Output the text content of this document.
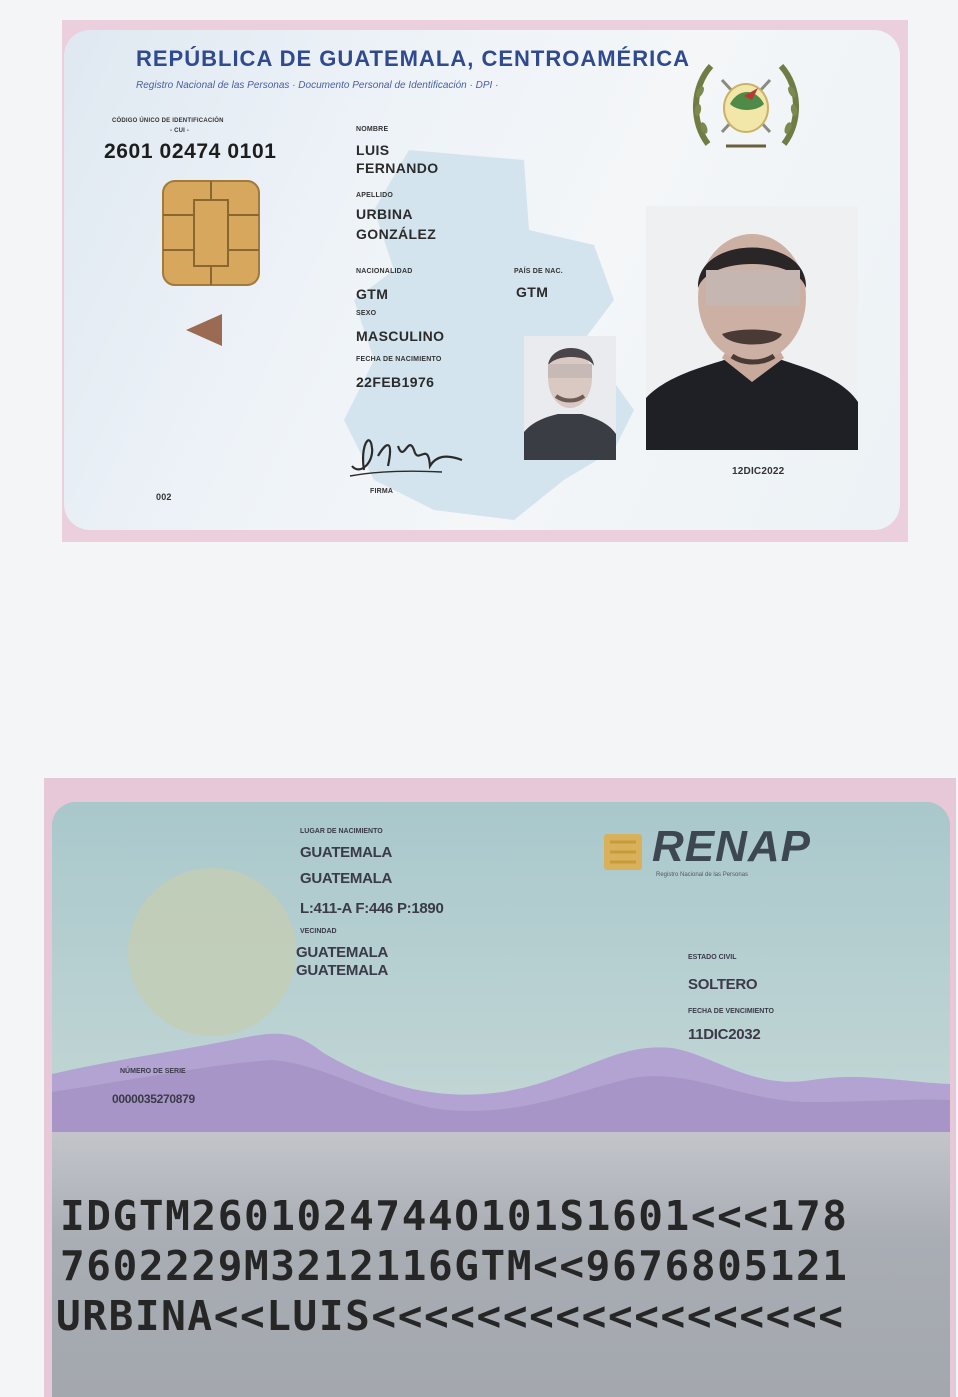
REPÚBLICA DE GUATEMALA, CENTROAMÉRICA
Registro Nacional de las Personas · Documento Personal de Identificación · DPI ·
CÓDIGO ÚNICO DE IDENTIFICACIÓN
- CUI -
2601 02474 0101
NOMBRE
LUIS
FERNANDO
APELLIDO
URBINA
GONZÁLEZ
NACIONALIDAD
GTM
PAÍS DE NAC.
GTM
SEXO
MASCULINO
FECHA DE NACIMIENTO
22FEB1976
FIRMA
002
12DIC2022
LUGAR DE NACIMIENTO
GUATEMALA
GUATEMALA
L:411-A F:446 P:1890
VECINDAD
GUATEMALA
GUATEMALA
RENAP
Registro Nacional de las Personas
ESTADO CIVIL
SOLTERO
FECHA DE VENCIMIENTO
11DIC2032
NÚMERO DE SERIE
000003527087​9
IDGTM2601024744O101S1601<<<178
7602229M3212116GTM<<9676805121
URBINA<<LUIS<<<<<<<<<<<<<<<<<<
